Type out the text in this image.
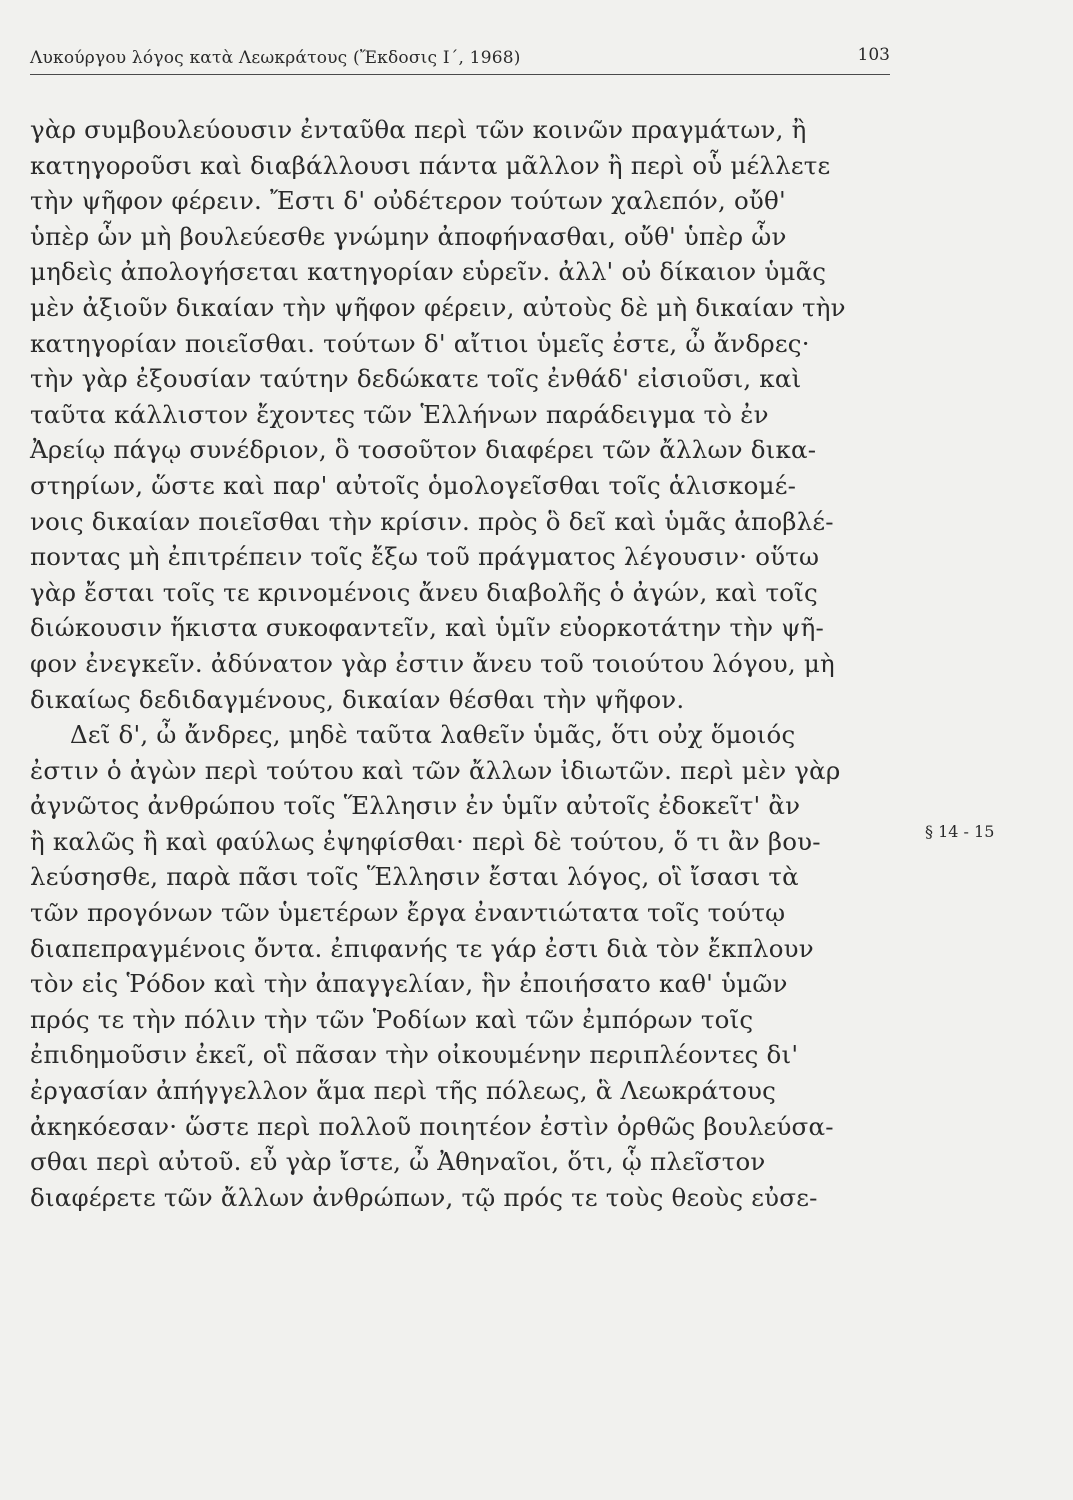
Λυκούργου λόγος κατὰ Λεωκράτους (Ἔκδοσις Ι΄, 1968)	103
γὰρ συμβουλεύουσιν ἐνταῦθα περὶ τῶν κοινῶν πραγμάτων, ἢ
κατηγοροῦσι καὶ διαβάλλουσι πάντα μᾶλλον ἢ περὶ οὗ μέλλετε
τὴν ψῆφον φέρειν. Ἔστι δ' οὐδέτερον τούτων χαλεπόν, οὔθ'
ὑπὲρ ὧν μὴ βουλεύεσθε γνώμην ἀποφήνασθαι, οὔθ' ὑπὲρ ὧν
μηδεὶς ἀπολογήσεται κατηγορίαν εὑρεῖν. ἀλλ' οὐ δίκαιον ὑμᾶς
μὲν ἀξιοῦν δικαίαν τὴν ψῆφον φέρειν, αὐτοὺς δὲ μὴ δικαίαν τὴν
κατηγορίαν ποιεῖσθαι. τούτων δ' αἴτιοι ὑμεῖς ἐστε, ὦ ἄνδρες·
τὴν γὰρ ἐξουσίαν ταύτην δεδώκατε τοῖς ἐνθάδ' εἰσιοῦσι, καὶ
ταῦτα κάλλιστον ἔχοντες τῶν Ἑλλήνων παράδειγμα τὸ ἐν
Ἀρείῳ πάγῳ συνέδριον, ὃ τοσοῦτον διαφέρει τῶν ἄλλων δικα-
στηρίων, ὥστε καὶ παρ' αὐτοῖς ὁμολογεῖσθαι τοῖς ἁλισκομέ-
νοις δικαίαν ποιεῖσθαι τὴν κρίσιν. πρὸς ὃ δεῖ καὶ ὑμᾶς ἀποβλέ-
ποντας μὴ ἐπιτρέπειν τοῖς ἔξω τοῦ πράγματος λέγουσιν· οὕτω
γὰρ ἔσται τοῖς τε κρινομένοις ἄνευ διαβολῆς ὁ ἀγών, καὶ τοῖς
διώκουσιν ἥκιστα συκοφαντεῖν, καὶ ὑμῖν εὐορκοτάτην τὴν ψῆ-
φον ἐνεγκεῖν. ἀδύνατον γὰρ ἐστιν ἄνευ τοῦ τοιούτου λόγου, μὴ
δικαίως δεδιδαγμένους, δικαίαν θέσθαι τὴν ψῆφον.
Δεῖ δ', ὦ ἄνδρες, μηδὲ ταῦτα λαθεῖν ὑμᾶς, ὅτι οὐχ ὅμοιός
ἐστιν ὁ ἀγὼν περὶ τούτου καὶ τῶν ἄλλων ἰδιωτῶν. περὶ μὲν γὰρ
ἀγνῶτος ἀνθρώπου τοῖς Ἕλλησιν ἐν ὑμῖν αὐτοῖς ἐδοκεῖτ' ἂν
ἢ καλῶς ἢ καὶ φαύλως ἐψηφίσθαι· περὶ δὲ τούτου, ὅ τι ἂν βου-
λεύσησθε, παρὰ πᾶσι τοῖς Ἕλλησιν ἔσται λόγος, οἳ ἴσασι τὰ
τῶν προγόνων τῶν ὑμετέρων ἔργα ἐναντιώτατα τοῖς τούτῳ
διαπεπραγμένοις ὄντα. ἐπιφανής τε γάρ ἐστι διὰ τὸν ἔκπλουν
τὸν εἰς Ῥόδον καὶ τὴν ἀπαγγελίαν, ἣν ἐποιήσατο καθ' ὑμῶν
πρός τε τὴν πόλιν τὴν τῶν Ῥοδίων καὶ τῶν ἐμπόρων τοῖς
ἐπιδημοῦσιν ἐκεῖ, οἳ πᾶσαν τὴν οἰκουμένην περιπλέοντες δι'
ἐργασίαν ἀπήγγελλον ἅμα περὶ τῆς πόλεως, ἃ Λεωκράτους
ἀκηκόεσαν· ὥστε περὶ πολλοῦ ποιητέον ἐστὶν ὀρθῶς βουλεύσα-
σθαι περὶ αὐτοῦ. εὖ γὰρ ἴστε, ὦ Ἀθηναῖοι, ὅτι, ᾧ πλεῖστον
διαφέρετε τῶν ἄλλων ἀνθρώπων, τῷ πρός τε τοὺς θεοὺς εὐσε-
§ 14 - 15
